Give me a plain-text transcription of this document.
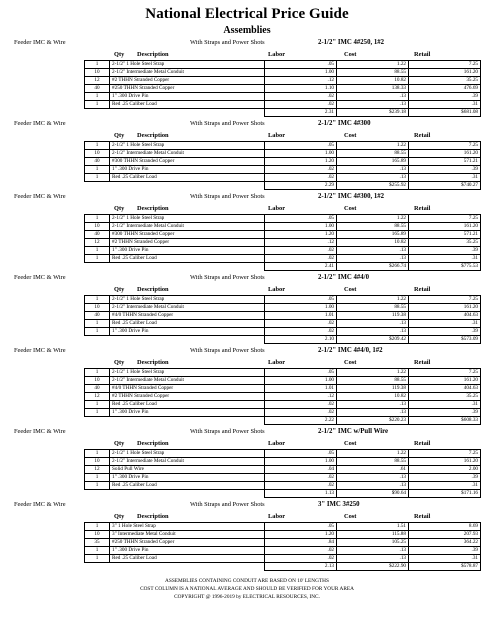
National Electrical Price Guide
Assemblies
Feeder IMC & Wire	With Straps and Power Shots	2-1/2" IMC 4#250, 1#2
Qty Description	Labor	Cost	Retail
1	2-1/2" 1 Hole Steel Strap	.05	1.22	7.25
10	2-1/2" Intermediate Metal Conduit	1.00	88.55	161.20
12	#2 THHN Stranded Copper	.12	10.82	35.25
40	#250 THHN Stranded Copper	1.10	138.33	476.69
1	1" .300 Drive Pin	.02	.13	.39
1	Red .25 Caliber Load	.02	.13	.31
		2.31	$239.18	$681.08
Feeder IMC & Wire	With Straps and Power Shots	2-1/2" IMC 4#300
Qty Description	Labor	Cost	Retail
1	2-1/2" 1 Hole Steel Strap	.05	1.22	7.25
10	2-1/2" Intermediate Metal Conduit	1.00	88.55	161.20
40	#300 THHN Stranded Copper	1.20	165.89	571.21
1	1" .300 Drive Pin	.02	.13	.39
1	Red .25 Caliber Load	.02	.13	.31
		2.29	$255.92	$740.27
Feeder IMC & Wire	With Straps and Power Shots	2-1/2" IMC 4#300, 1#2
Qty Description	Labor	Cost	Retail
1	2-1/2" 1 Hole Steel Strap	.05	1.22	7.25
10	2-1/2" Intermediate Metal Conduit	1.00	88.55	161.20
40	#300 THHN Stranded Copper	1.20	165.89	571.21
12	#2 THHN Stranded Copper	.12	10.82	35.25
1	1" .300 Drive Pin	.02	.13	.39
1	Red .25 Caliber Load	.02	.13	.31
		2.41	$266.74	$775.53
Feeder IMC & Wire	With Straps and Power Shots	2-1/2" IMC 4#4/0
Qty Description	Labor	Cost	Retail
1	2-1/2" 1 Hole Steel Strap	.05	1.22	7.25
10	2-1/2" Intermediate Metal Conduit	1.00	88.55	161.20
40	#4/0 THHN Stranded Copper	1.01	119.38	404.63
1	Red .25 Caliber Load	.02	.13	.31
1	1" .300 Drive Pin	.02	.13	.39
		2.10	$209.42	$573.09
Feeder IMC & Wire	With Straps and Power Shots	2-1/2" IMC 4#4/0, 1#2
Qty Description	Labor	Cost	Retail
1	2-1/2" 1 Hole Steel Strap	.05	1.22	7.25
10	2-1/2" Intermediate Metal Conduit	1.00	88.55	161.20
40	#4/0 THHN Stranded Copper	1.01	119.38	404.63
12	#2 THHN Stranded Copper	.12	10.82	35.25
1	Red .25 Caliber Load	.02	.13	.31
1	1" .300 Drive Pin	.02	.13	.39
		2.22	$220.23	$608.33
Feeder IMC & Wire	With Straps and Power Shots	2-1/2" IMC w/Pull Wire
Qty Description	Labor	Cost	Retail
1	2-1/2" 1 Hole Steel Strap	.05	1.22	7.25
10	2-1/2" Intermediate Metal Conduit	1.00	88.55	161.20
12	Solid Pull Wire	.04	.61	2.00
1	1" .300 Drive Pin	.02	.13	.39
1	Red .25 Caliber Load	.02	.13	.31
		1.13	$90.64	$171.16
Feeder IMC & Wire	With Straps and Power Shots	3" IMC 3#250
Qty Description	Labor	Cost	Retail
1	3" 1 Hole Steel Strap	.05	1.51	8.69
10	3" Intermediate Metal Conduit	1.20	115.88	207.93
35	#250 THHN Stranded Copper	.84	105.25	364.22
1	1" .300 Drive Pin	.02	.13	.39
1	Red .25 Caliber Load	.02	.13	.31
		2.13	$222.90	$578.87
ASSEMBLIES CONTAINING CONDUIT ARE BASED ON 10' LENGTHS
COST COLUMN IS A NATIONAL AVERAGE AND SHOULD BE VERIFIED FOR YOUR AREA
COPYRIGHT @ 1996-2019 by ELECTRICAL RESOURCES, INC.
